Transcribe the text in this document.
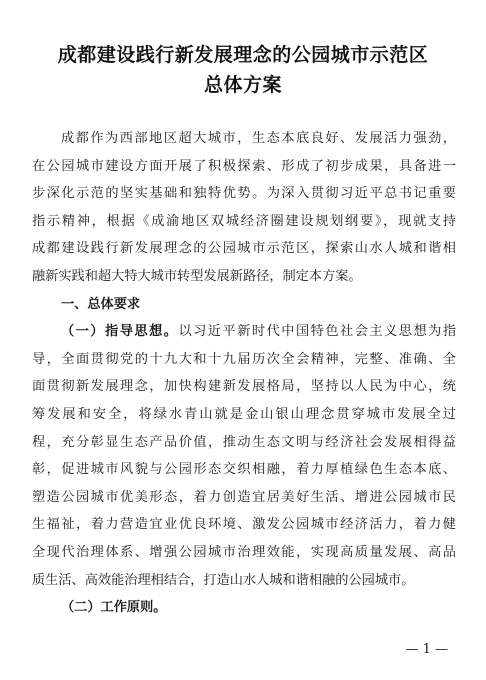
成都建设践行新发展理念的公园城市示范区
总体方案
成都作为西部地区超大城市，生态本底良好、发展活力强劲，
在公园城市建设方面开展了积极探索、形成了初步成果，具备进一
步深化示范的坚实基础和独特优势。为深入贯彻习近平总书记重要
指示精神，根据《成渝地区双城经济圈建设规划纲要》，现就支持
成都建设践行新发展理念的公园城市示范区，探索山水人城和谐相
融新实践和超大特大城市转型发展新路径，制定本方案。
一、总体要求
（一）指导思想。以习近平新时代中国特色社会主义思想为指
导，全面贯彻党的十九大和十九届历次全会精神，完整、准确、全
面贯彻新发展理念，加快构建新发展格局，坚持以人民为中心，统
筹发展和安全，将绿水青山就是金山银山理念贯穿城市发展全过
程，充分彰显生态产品价值，推动生态文明与经济社会发展相得益
彰，促进城市风貌与公园形态交织相融，着力厚植绿色生态本底、
塑造公园城市优美形态，着力创造宜居美好生活、增进公园城市民
生福祉，着力营造宜业优良环境、激发公园城市经济活力，着力健
全现代治理体系、增强公园城市治理效能，实现高质量发展、高品
质生活、高效能治理相结合，打造山水人城和谐相融的公园城市。
（二）工作原则。
— 1 —
